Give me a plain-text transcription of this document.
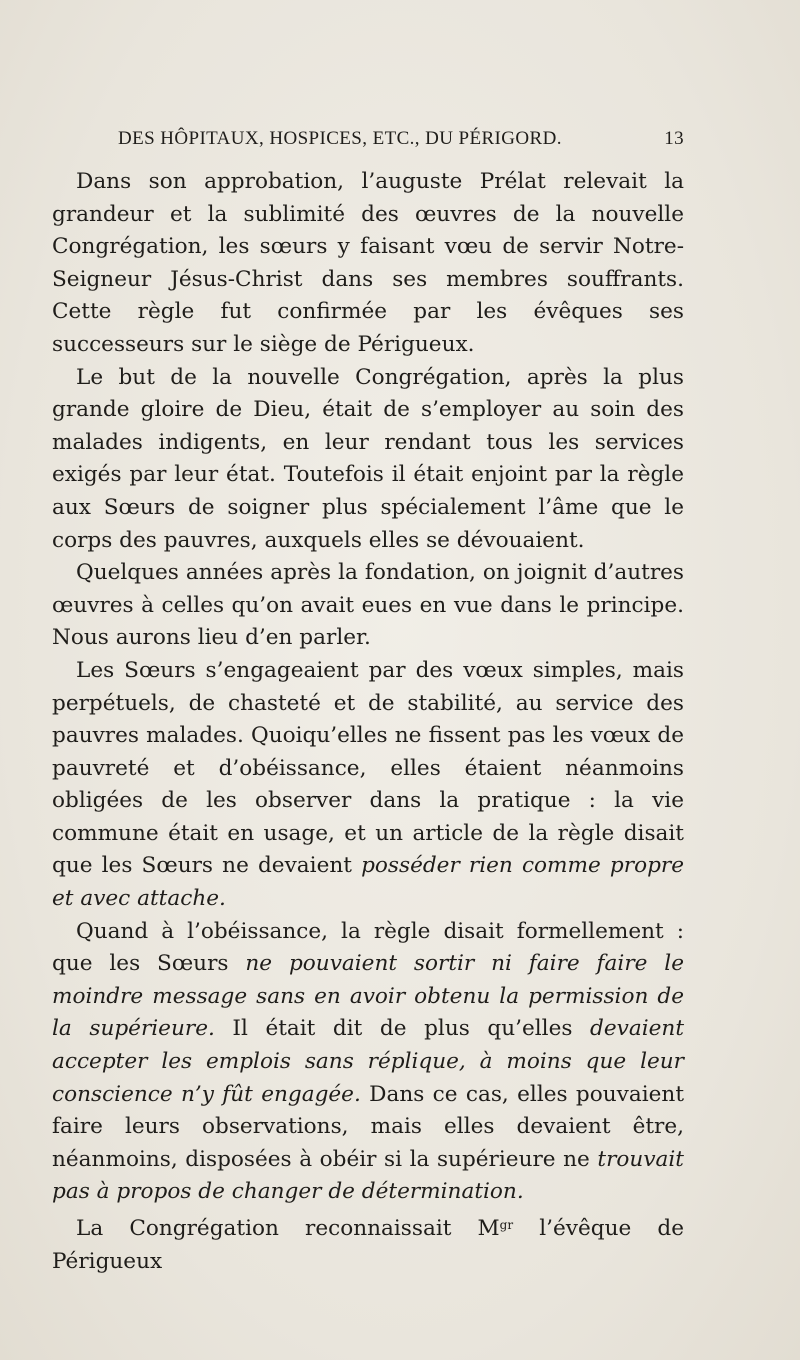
DES HÔPITAUX, HOSPICES, ETC., DU PÉRIGORD.	13

Dans son approbation, l’auguste Prélat relevait la grandeur et la sublimité des œuvres de la nouvelle Congrégation, les sœurs y faisant vœu de servir Notre-Seigneur Jésus-Christ dans ses membres souffrants. Cette règle fut confirmée par les évêques ses successeurs sur le siège de Périgueux.

Le but de la nouvelle Congrégation, après la plus grande gloire de Dieu, était de s’employer au soin des malades indigents, en leur rendant tous les services exigés par leur état. Toutefois il était enjoint par la règle aux Sœurs de soigner plus spécialement l’âme que le corps des pauvres, auxquels elles se dévouaient.

Quelques années après la fondation, on joignit d’autres œuvres à celles qu’on avait eues en vue dans le principe. Nous aurons lieu d’en parler.

Les Sœurs s’engageaient par des vœux simples, mais perpétuels, de chasteté et de stabilité, au service des pauvres malades. Quoiqu’elles ne fissent pas les vœux de pauvreté et d’obéissance, elles étaient néanmoins obligées de les observer dans la pratique : la vie commune était en usage, et un article de la règle disait que les Sœurs ne devaient posséder rien comme propre et avec attache.

Quand à l’obéissance, la règle disait formellement : que les Sœurs ne pouvaient sortir ni faire faire le moindre message sans en avoir obtenu la permission de la supérieure. Il était dit de plus qu’elles devaient accepter les emplois sans réplique, à moins que leur conscience n’y fût engagée. Dans ce cas, elles pouvaient faire leurs observations, mais elles devaient être, néanmoins, disposées à obéir si la supérieure ne trouvait pas à propos de changer de détermination.

La Congrégation reconnaissait $M^{gr}$ l’évêque de Périgueux
